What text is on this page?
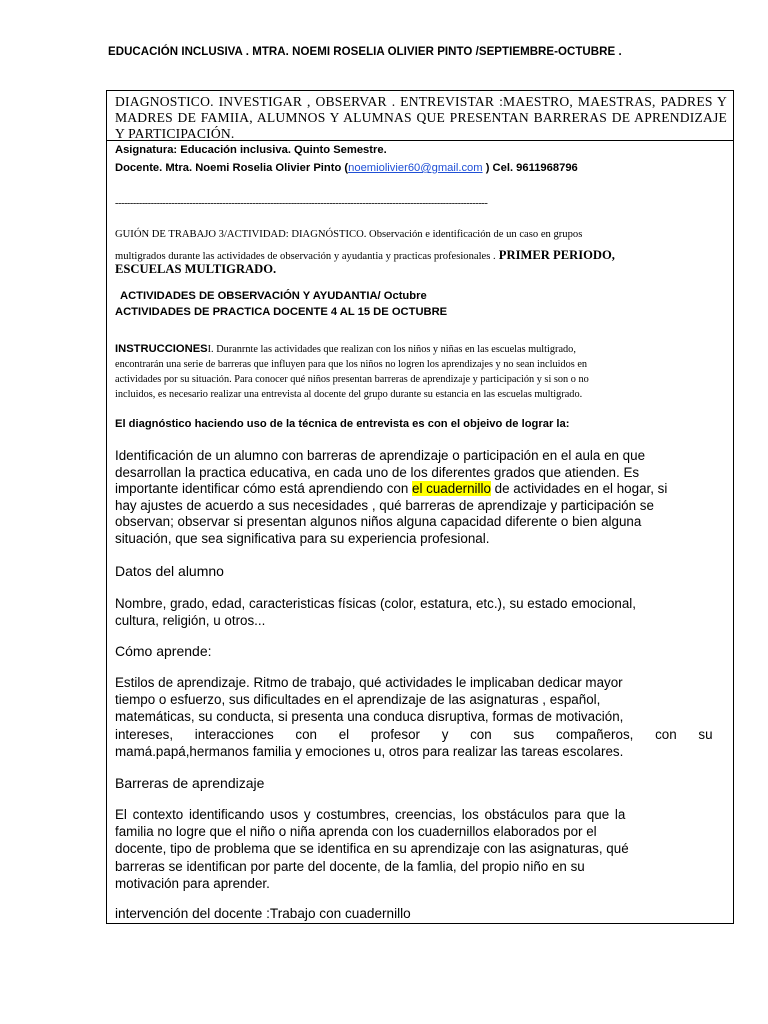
EDUCACIÓN INCLUSIVA . MTRA. NOEMI ROSELIA OLIVIER PINTO /SEPTIEMBRE-OCTUBRE .
DIAGNOSTICO. INVESTIGAR , OBSERVAR . ENTREVISTAR :MAESTRO, MAESTRAS, PADRES Y MADRES DE FAMIIA, ALUMNOS Y ALUMNAS QUE PRESENTAN BARRERAS DE APRENDIZAJE Y PARTICIPACIÓN.
Asignatura: Educación inclusiva. Quinto Semestre.
Docente. Mtra. Noemi Roselia Olivier Pinto (noemiolivier60@gmail.com ) Cel. 9611968796
-----------------------------------------------------------------------------------------------------------------------------
GUIÓN DE TRABAJO 3/ACTIVIDAD: DIAGNÓSTICO. Observación e identificación de un caso en grupos
multigrados durante las actividades de observación y ayudantia y practicas profesionales . PRIMER PERIODO,
ESCUELAS MULTIGRADO.
ACTIVIDADES DE OBSERVACIÓN Y AYUDANTIA/ Octubre
ACTIVIDADES DE PRACTICA DOCENTE 4 AL 15 DE OCTUBRE
INSTRUCCIONESI. Duranrnte las actividades que realizan con los niños y niñas en las escuelas multigrado,
encontrarán una serie de barreras que influyen para que los niños no logren los aprendizajes y no sean incluidos en
actividades por su situación. Para conocer qué niños presentan barreras de aprendizaje y participación y si son o no
incluidos, es necesario realizar una entrevista al docente del grupo durante su estancia en las escuelas multigrado.
El diagnóstico haciendo uso de la técnica de entrevista es con el objeivo de lograr la:
Identificación de un alumno con barreras de aprendizaje o participación en el aula en que
desarrollan la practica educativa, en cada uno de los diferentes grados que atienden. Es
importante identificar cómo está aprendiendo con el cuadernillo de actividades en el hogar, si
hay ajustes de acuerdo a sus necesidades , qué barreras de aprendizaje y participación se
observan; observar si presentan algunos niños alguna capacidad diferente o bien alguna
situación, que sea significativa para su experiencia profesional.
Datos del alumno
Nombre, grado, edad, caracteristicas físicas (color, estatura, etc.), su estado emocional,
cultura, religión, u otros...
Cómo aprende:
Estilos de aprendizaje. Ritmo de trabajo, qué actividades le implicaban dedicar mayor
tiempo o esfuerzo, sus dificultades en el aprendizaje de las asignaturas , español,
matemáticas, su conducta, si presenta una conduca disruptiva, formas de motivación,
intereses, interacciones con el profesor y con sus compañeros, con su
mamá.papá,hermanos familia y emociones u, otros para realizar las tareas escolares.
Barreras de aprendizaje
El contexto identificando usos y costumbres, creencias, los obstáculos para que la
familia no logre que el niño o niña aprenda con los cuadernillos elaborados por el
docente, tipo de problema que se identifica en su aprendizaje con las asignaturas, qué
barreras se identifican por parte del docente, de la famlia, del propio niño en su
motivación para aprender.
intervención del docente :Trabajo con cuadernillo
